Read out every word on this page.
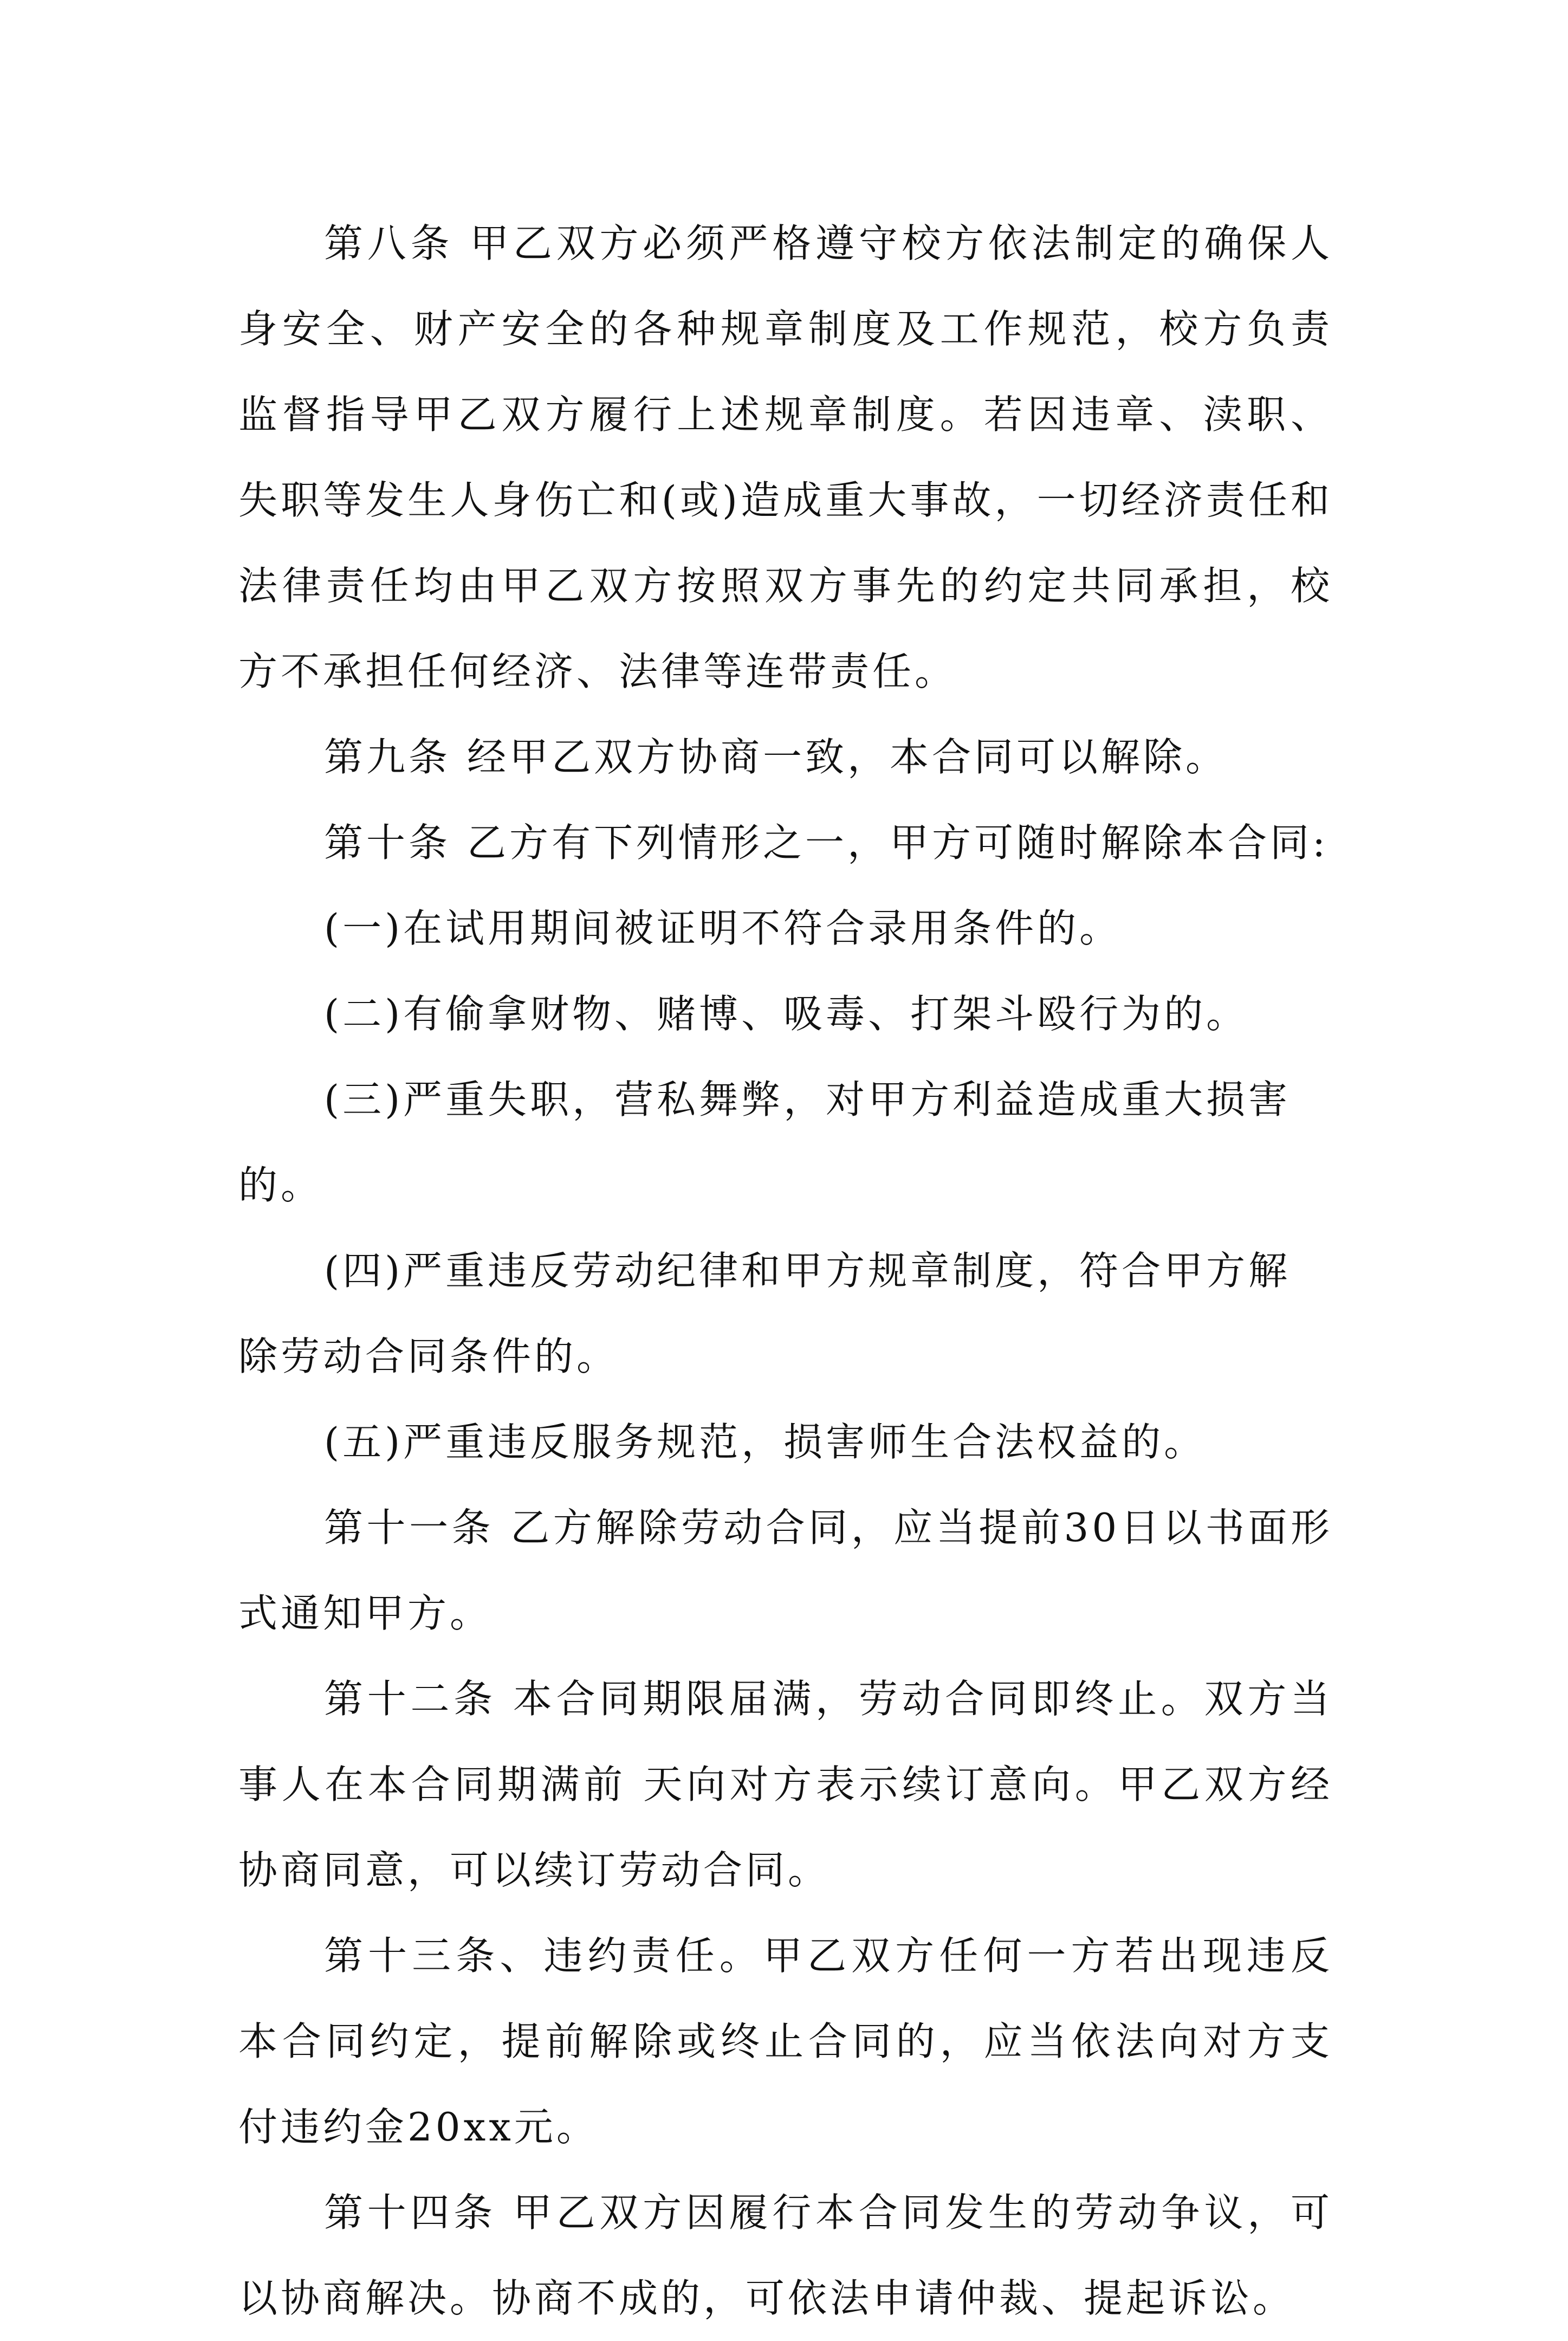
第八条 甲乙双方必须严格遵守校方依法制定的确保人身安全、财产安全的各种规章制度及工作规范，校方负责监督指导甲乙双方履行上述规章制度。若因违章、渎职、失职等发生人身伤亡和(或)造成重大事故，一切经济责任和法律责任均由甲乙双方按照双方事先的约定共同承担，校方不承担任何经济、法律等连带责任。

第九条 经甲乙双方协商一致，本合同可以解除。

第十条 乙方有下列情形之一，甲方可随时解除本合同:

(一)在试用期间被证明不符合录用条件的。

(二)有偷拿财物、赌博、吸毒、打架斗殴行为的。

(三)严重失职，营私舞弊，对甲方利益造成重大损害的。

(四)严重违反劳动纪律和甲方规章制度，符合甲方解除劳动合同条件的。

(五)严重违反服务规范，损害师生合法权益的。

第十一条 乙方解除劳动合同，应当提前30日以书面形式通知甲方。

第十二条 本合同期限届满，劳动合同即终止。双方当事人在本合同期满前 天向对方表示续订意向。甲乙双方经协商同意，可以续订劳动合同。

第十三条、违约责任。甲乙双方任何一方若出现违反本合同约定，提前解除或终止合同的，应当依法向对方支付违约金20xx元。

第十四条 甲乙双方因履行本合同发生的劳动争议，可以协商解决。协商不成的，可依法申请仲裁、提起诉讼。
